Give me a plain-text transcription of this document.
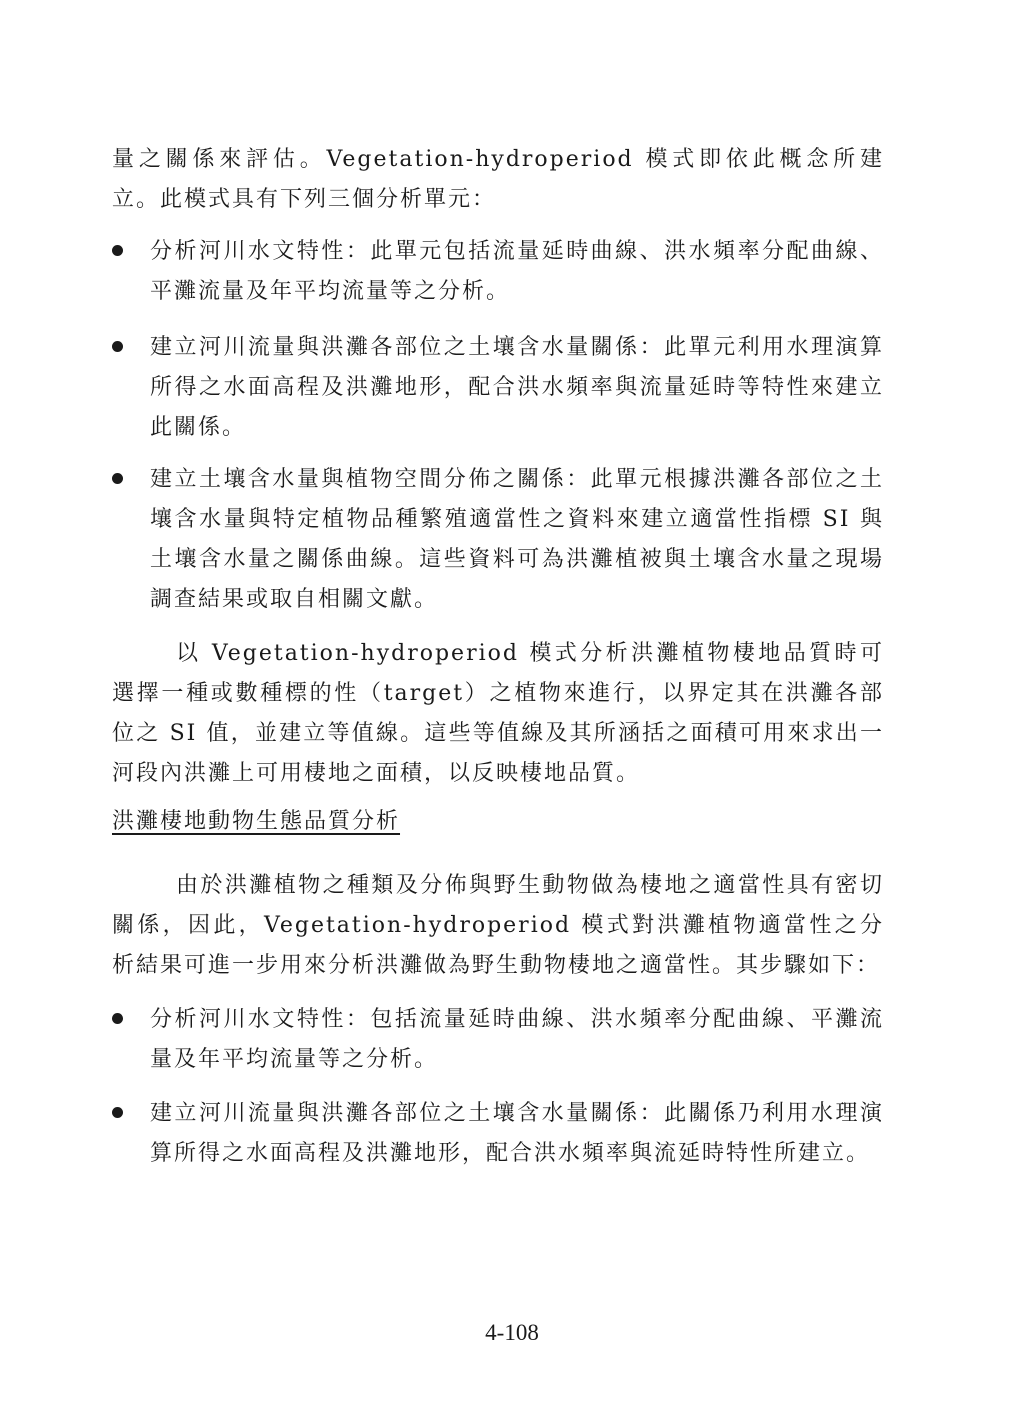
量之關係來評估。Vegetation-hydroperiod 模式即依此概念所建立。此模式具有下列三個分析單元：

分析河川水文特性：此單元包括流量延時曲線、洪水頻率分配曲線、平灘流量及年平均流量等之分析。

建立河川流量與洪灘各部位之土壤含水量關係：此單元利用水理演算所得之水面高程及洪灘地形，配合洪水頻率與流量延時等特性來建立此關係。

建立土壤含水量與植物空間分佈之關係：此單元根據洪灘各部位之土壤含水量與特定植物品種繁殖適當性之資料來建立適當性指標 SI 與土壤含水量之關係曲線。這些資料可為洪灘植被與土壤含水量之現場調查結果或取自相關文獻。

以 Vegetation-hydroperiod 模式分析洪灘植物棲地品質時可選擇一種或數種標的性（target）之植物來進行，以界定其在洪灘各部位之 SI 值，並建立等值線。這些等值線及其所涵括之面積可用來求出一河段內洪灘上可用棲地之面積，以反映棲地品質。

洪灘棲地動物生態品質分析

由於洪灘植物之種類及分佈與野生動物做為棲地之適當性具有密切關係，因此，Vegetation-hydroperiod 模式對洪灘植物適當性之分析結果可進一步用來分析洪灘做為野生動物棲地之適當性。其步驟如下：

分析河川水文特性：包括流量延時曲線、洪水頻率分配曲線、平灘流量及年平均流量等之分析。

建立河川流量與洪灘各部位之土壤含水量關係：此關係乃利用水理演算所得之水面高程及洪灘地形，配合洪水頻率與流延時特性所建立。

4-108
